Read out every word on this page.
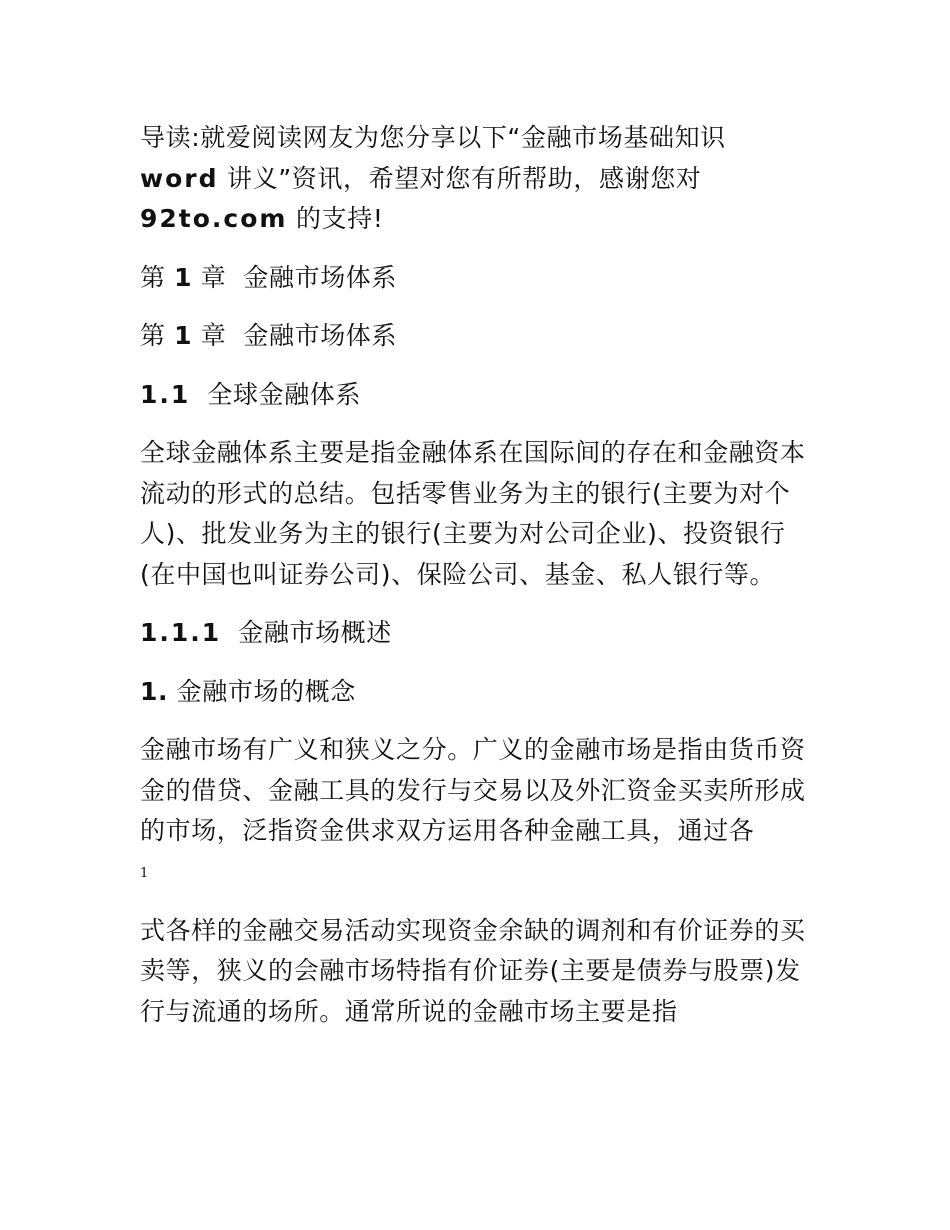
导读:就爱阅读网友为您分享以下“金融市场基础知识
word 讲义”资讯，希望对您有所帮助，感谢您对
92to.com 的支持!

第 1 章  金融市场体系

第 1 章  金融市场体系

1.1  全球金融体系

全球金融体系主要是指金融体系在国际间的存在和金融资本流动的形式的总结。包括零售业务为主的银行(主要为对个人)、批发业务为主的银行(主要为对公司企业)、投资银行(在中国也叫证券公司)、保险公司、基金、私人银行等。

1.1.1  金融市场概述

1. 金融市场的概念

金融市场有广义和狭义之分。广义的金融市场是指由货币资金的借贷、金融工具的发行与交易以及外汇资金买卖所形成的市场，泛指资金供求双方运用各种金融工具，通过各

1

式各样的金融交易活动实现资金余缺的调剂和有价证券的买卖等，狭义的会融市场特指有价证券(主要是债券与股票)发行与流通的场所。通常所说的金融市场主要是指
